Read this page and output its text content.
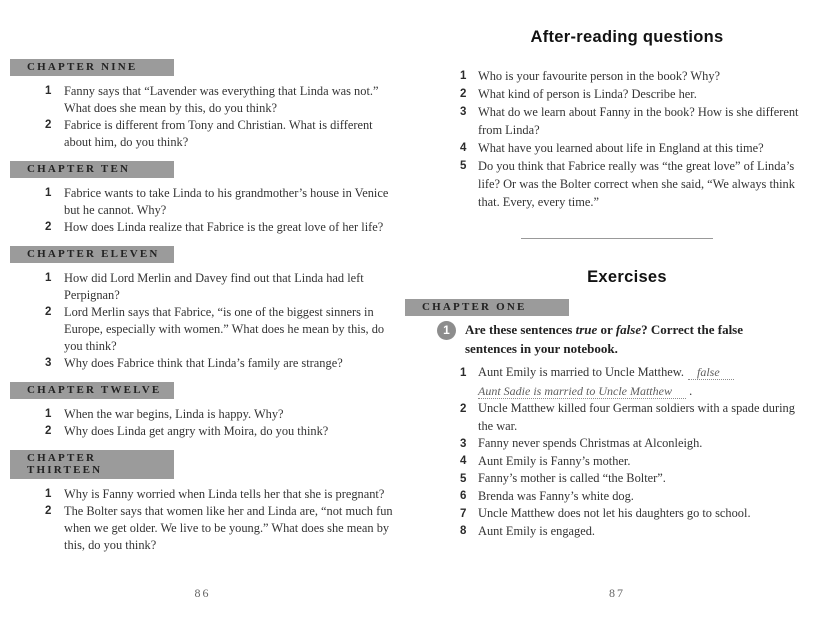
CHAPTER NINE
1	Fanny says that “Lavender was everything that Linda was not.” What does she mean by this, do you think?
2	Fabrice is different from Tony and Christian. What is different about him, do you think?
CHAPTER TEN
1	Fabrice wants to take Linda to his grandmother’s house in Venice but he cannot. Why?
2	How does Linda realize that Fabrice is the great love of her life?
CHAPTER ELEVEN
1	How did Lord Merlin and Davey find out that Linda had left Perpignan?
2	Lord Merlin says that Fabrice, “is one of the biggest sinners in Europe, especially with women.” What does he mean by this, do you think?
3	Why does Fabrice think that Linda’s family are strange?
CHAPTER TWELVE
1	When the war begins, Linda is happy. Why?
2	Why does Linda get angry with Moira, do you think?
CHAPTER THIRTEEN
1	Why is Fanny worried when Linda tells her that she is pregnant?
2	The Bolter says that women like her and Linda are, “not much fun when we get older. We live to be young.” What does she mean by this, do you think?
After-reading questions
1 Who is your favourite person in the book? Why?
2 What kind of person is Linda? Describe her.
3 What do we learn about Fanny in the book? How is she different from Linda?
4 What have you learned about life in England at this time?
5 Do you think that Fabrice really was “the great love” of Linda’s life? Or was the Bolter correct when she said, “We always think that. Every, every time.”
Exercises
CHAPTER ONE
1	Are these sentences true or false? Correct the false
sentences in your notebook.
1 Aunt Emily is married to Uncle Matthew. false
Aunt Sadie is married to Uncle Matthew .
2 Uncle Matthew killed four German soldiers with a spade during the war.
3 Fanny never spends Christmas at Alconleigh.
4 Aunt Emily is Fanny’s mother.
5 Fanny’s mother is called “the Bolter”.
6 Brenda was Fanny’s white dog.
7 Uncle Matthew does not let his daughters go to school.
8 Aunt Emily is engaged.
86	87
